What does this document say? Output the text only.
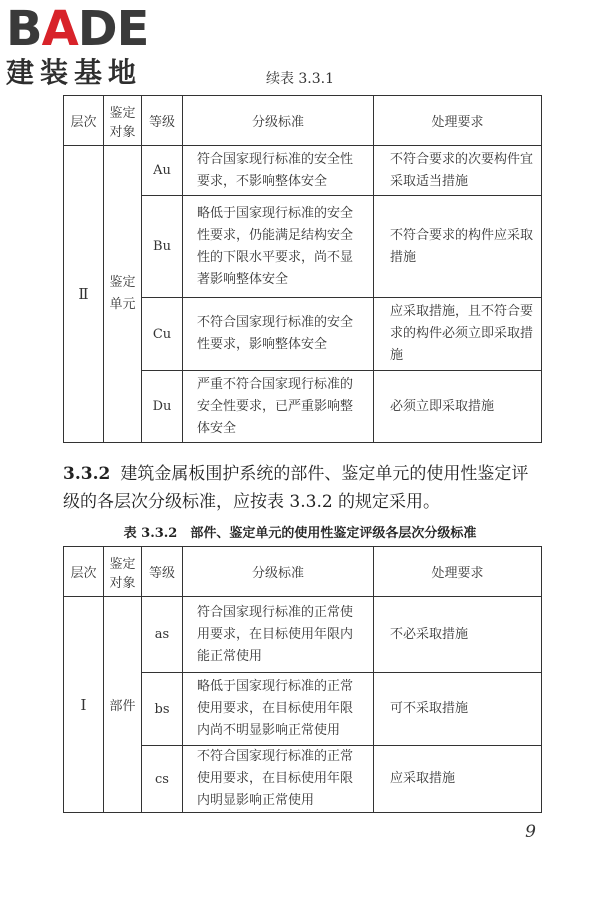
BADE
建装基地	续表 3.3.1
层次	鉴定对象	等级	分级标准	处理要求
Ⅱ	鉴定单元	Au	符合国家现行标准的安全性要求，不影响整体安全	不符合要求的次要构件宜采取适当措施
		Bu	略低于国家现行标准的安全性要求，仍能满足结构安全性的下限水平要求，尚不显著影响整体安全	不符合要求的构件应采取措施
		Cu	不符合国家现行标准的安全性要求，影响整体安全	应采取措施，且不符合要求的构件必须立即采取措施
		Du	严重不符合国家现行标准的安全性要求，已严重影响整体安全	必须立即采取措施
3.3.2 建筑金属板围护系统的部件、鉴定单元的使用性鉴定评级的各层次分级标准，应按表 3.3.2 的规定采用。
表 3.3.2　部件、鉴定单元的使用性鉴定评级各层次分级标准
层次	鉴定对象	等级	分级标准	处理要求
Ⅰ	部件	as	符合国家现行标准的正常使用要求，在目标使用年限内能正常使用	不必采取措施
		bs	略低于国家现行标准的正常使用要求，在目标使用年限内尚不明显影响正常使用	可不采取措施
		cs	不符合国家现行标准的正常使用要求，在目标使用年限内明显影响正常使用	应采取措施
9
